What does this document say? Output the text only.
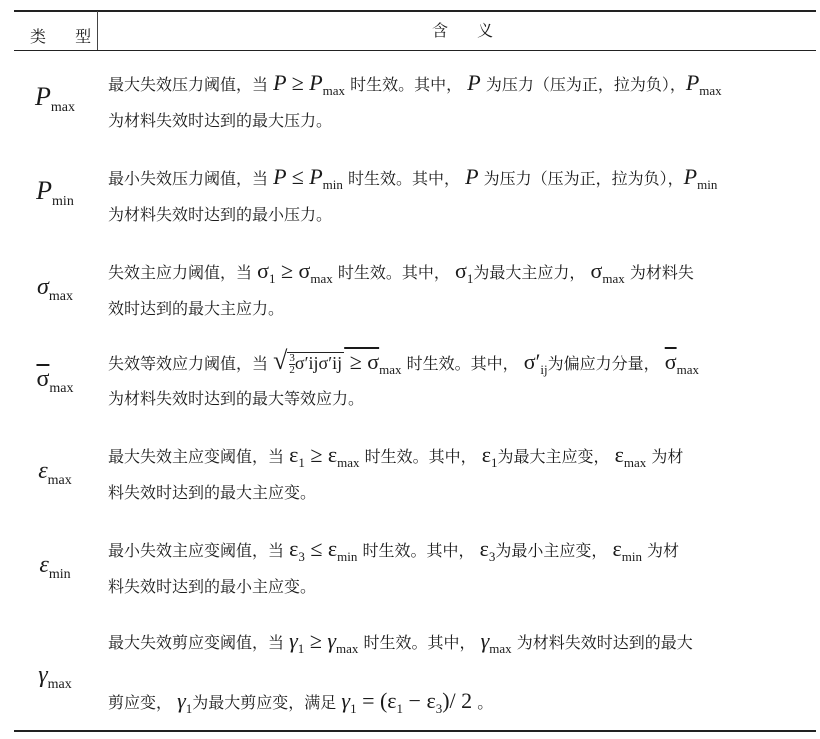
类 型	含 义
$P_{max}$
最大失效压力阈值，当 $P \ge P_{max}$ 时生效。其中， P 为压力（压为正，拉为负），$P_{max}$
为材料失效时达到的最大压力。
$P_{min}$
最小失效压力阈值，当 $P \le P_{min}$ 时生效。其中， P 为压力（压为正，拉为负），$P_{min}$
为材料失效时达到的最小压力。
$\sigma_{max}$
失效主应力阈值，当 $\sigma_1 \ge \sigma_{max}$ 时生效。其中， $\sigma_1$为最大主应力， $\sigma_{max}$ 为材料失
效时达到的最大主应力。
$\overline{\sigma}_{max}$
失效等效应力阈值，当 √ $\frac{3}{2} \sigma'ij\sigma'ij \ge \sigma_{max}$ 时生效。其中， $\sigma'_{ij}$为偏应力分量， $\overline{\sigma}_{max}$
为材料失效时达到的最大等效应力。
$\varepsilon_{max}$
最大失效主应变阈值，当 $\varepsilon_1 \ge \varepsilon_{max}$ 时生效。其中， $\varepsilon_1$为最大主应变， $\varepsilon_{max}$ 为材
料失效时达到的最大主应变。
$\varepsilon_{min}$
最小失效主应变阈值，当 $\varepsilon_3 \le \varepsilon_{min}$ 时生效。其中， $\varepsilon_3$为最小主应变， $\varepsilon_{min}$ 为材
料失效时达到的最小主应变。
$\gamma_{max}$
最大失效剪应变阈值，当 $\gamma_1 \ge \gamma_{max}$ 时生效。其中， $\gamma_{max}$ 为材料失效时达到的最大
剪应变， $\gamma_1$为最大剪应变，满足 $\gamma_1 = (\varepsilon_1 - \varepsilon_3)/$ 2 。
